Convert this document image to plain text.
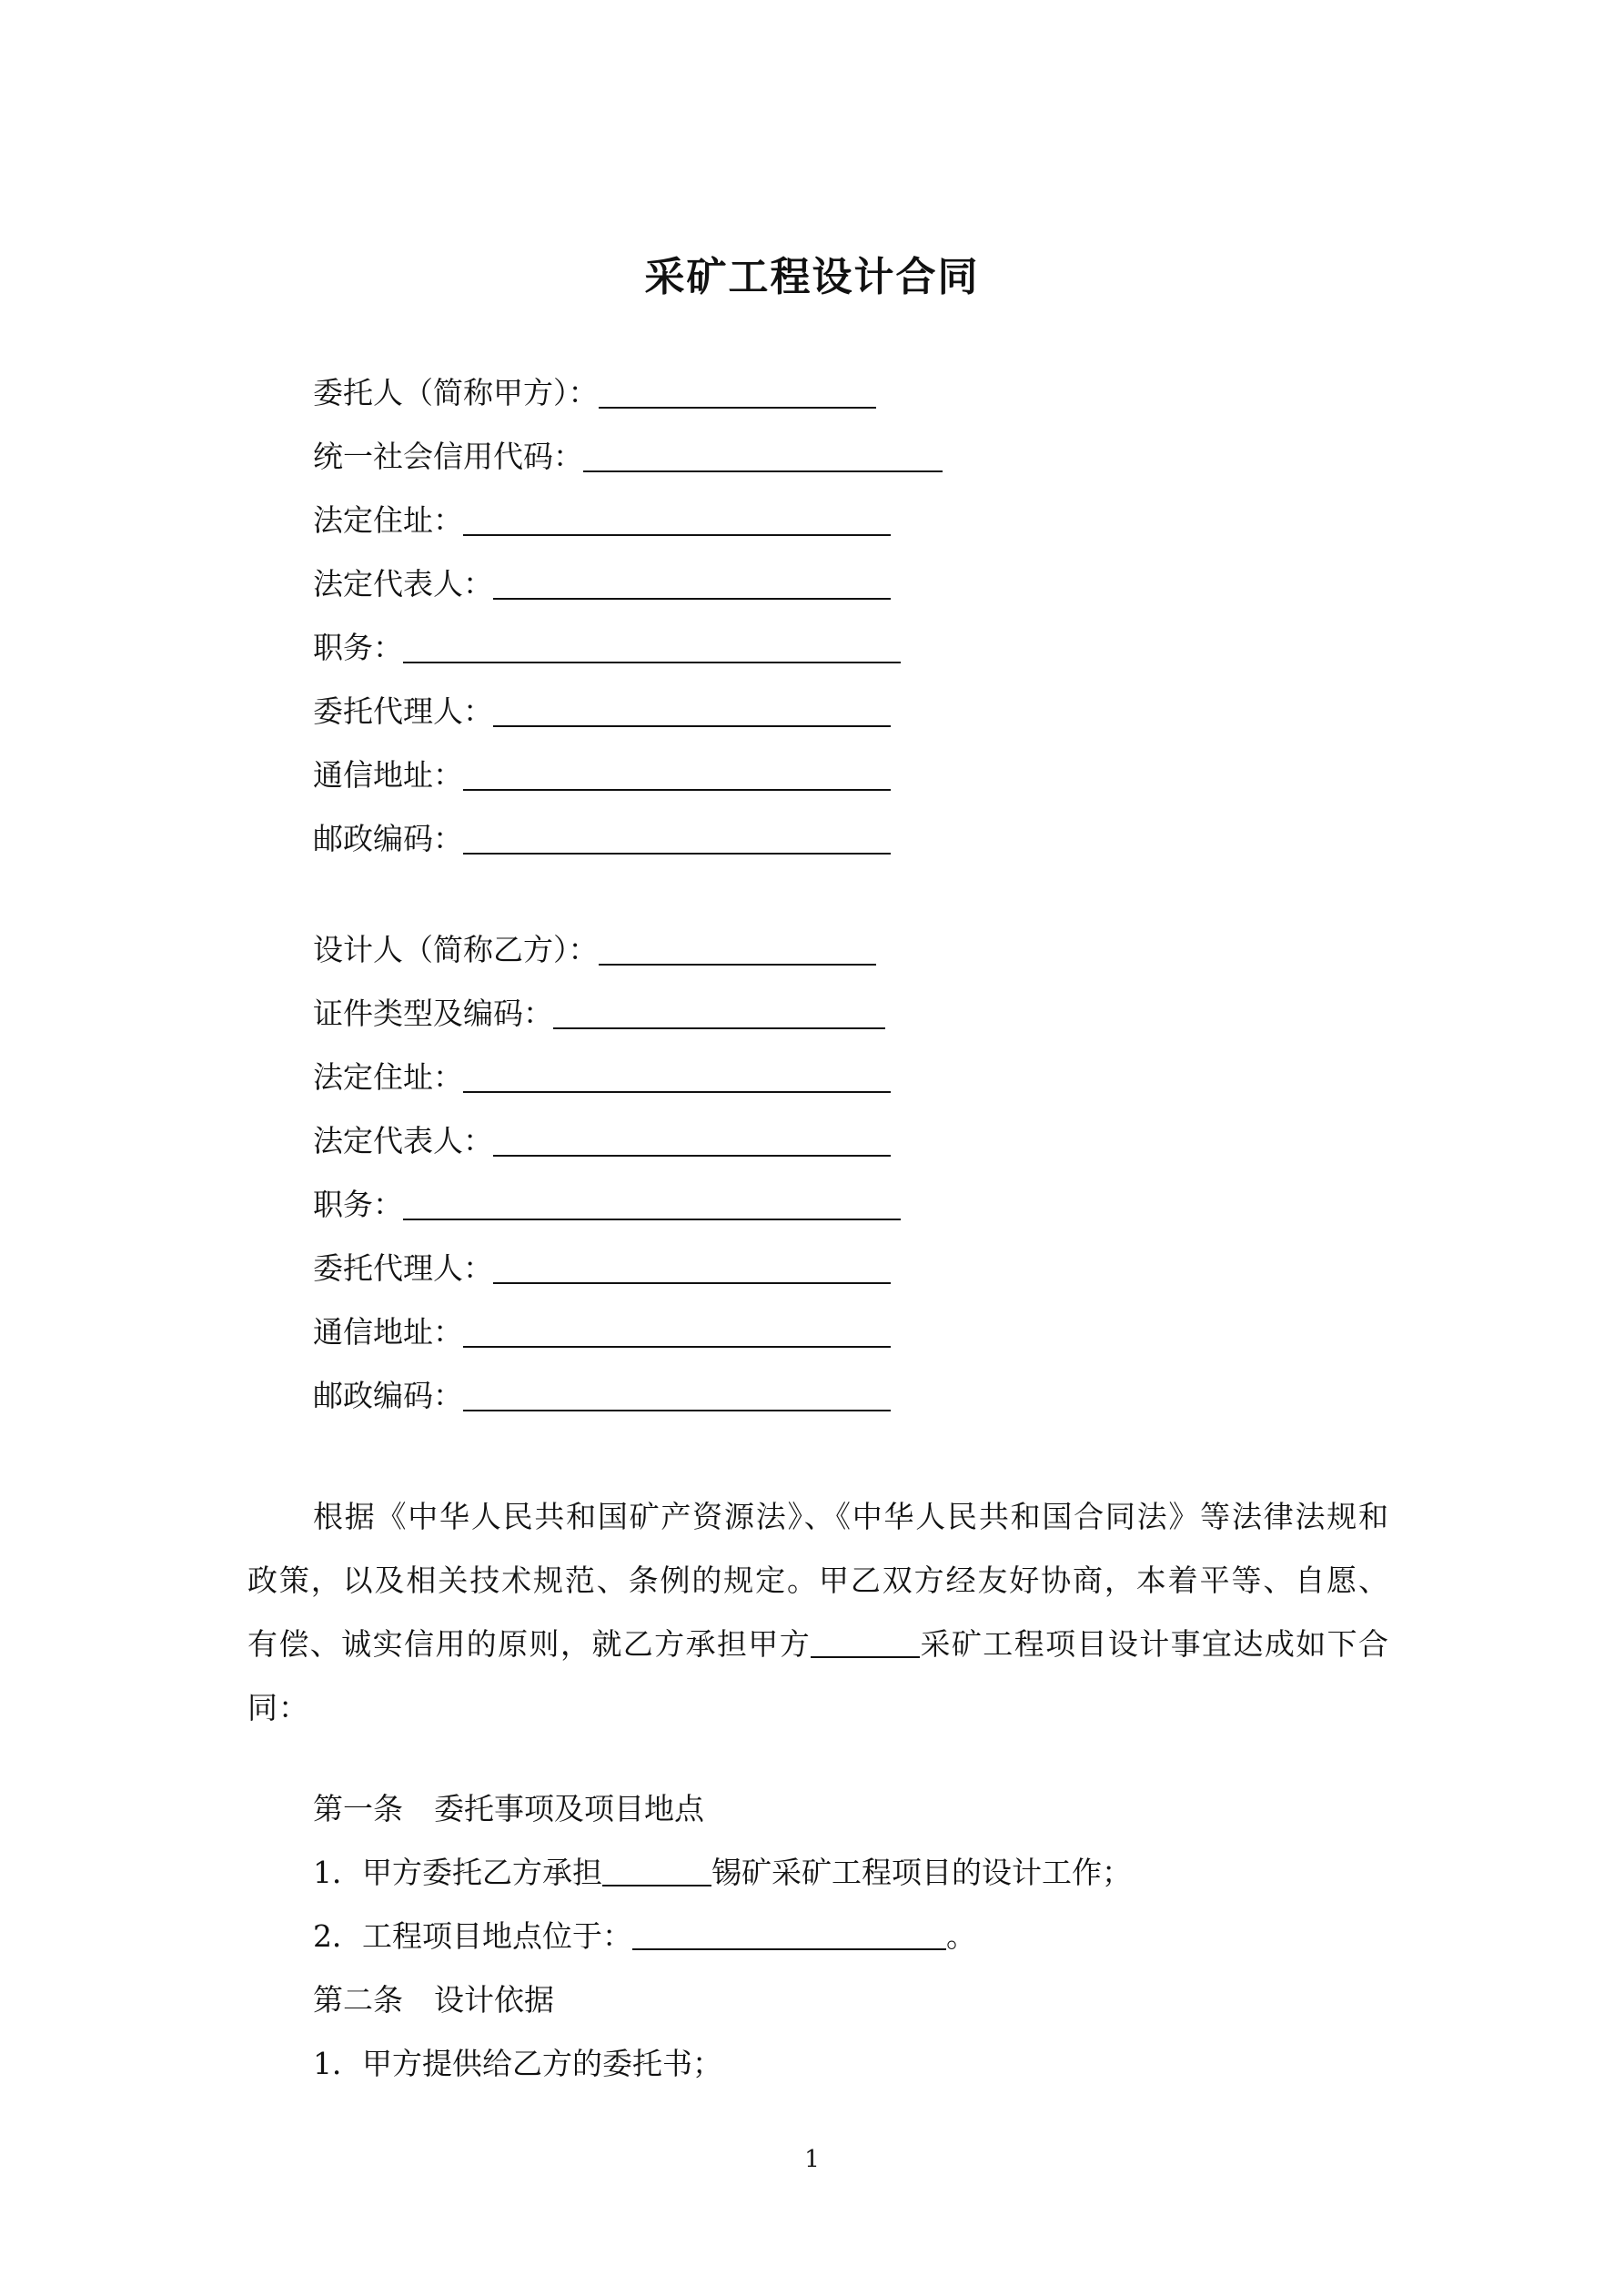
采矿工程设计合同
委托人（简称甲方）：
统一社会信用代码：
法定住址：
法定代表人：
职务：
委托代理人：
通信地址：
邮政编码：
设计人（简称乙方）：
证件类型及编码：
法定住址：
法定代表人：
职务：
委托代理人：
通信地址：
邮政编码：
根据《中华人民共和国矿产资源法》、《中华人民共和国合同法》等法律法规和政策，以及相关技术规范、条例的规定。甲乙双方经友好协商，本着平等、自愿、有偿、诚实信用的原则，就乙方承担甲方	采矿工程项目设计事宜达成如下合同：
第一条 委托事项及项目地点
1．甲方委托乙方承担	锡矿采矿工程项目的设计工作；
2．工程项目地点位于：	。
第二条 设计依据
1．甲方提供给乙方的委托书；
1
